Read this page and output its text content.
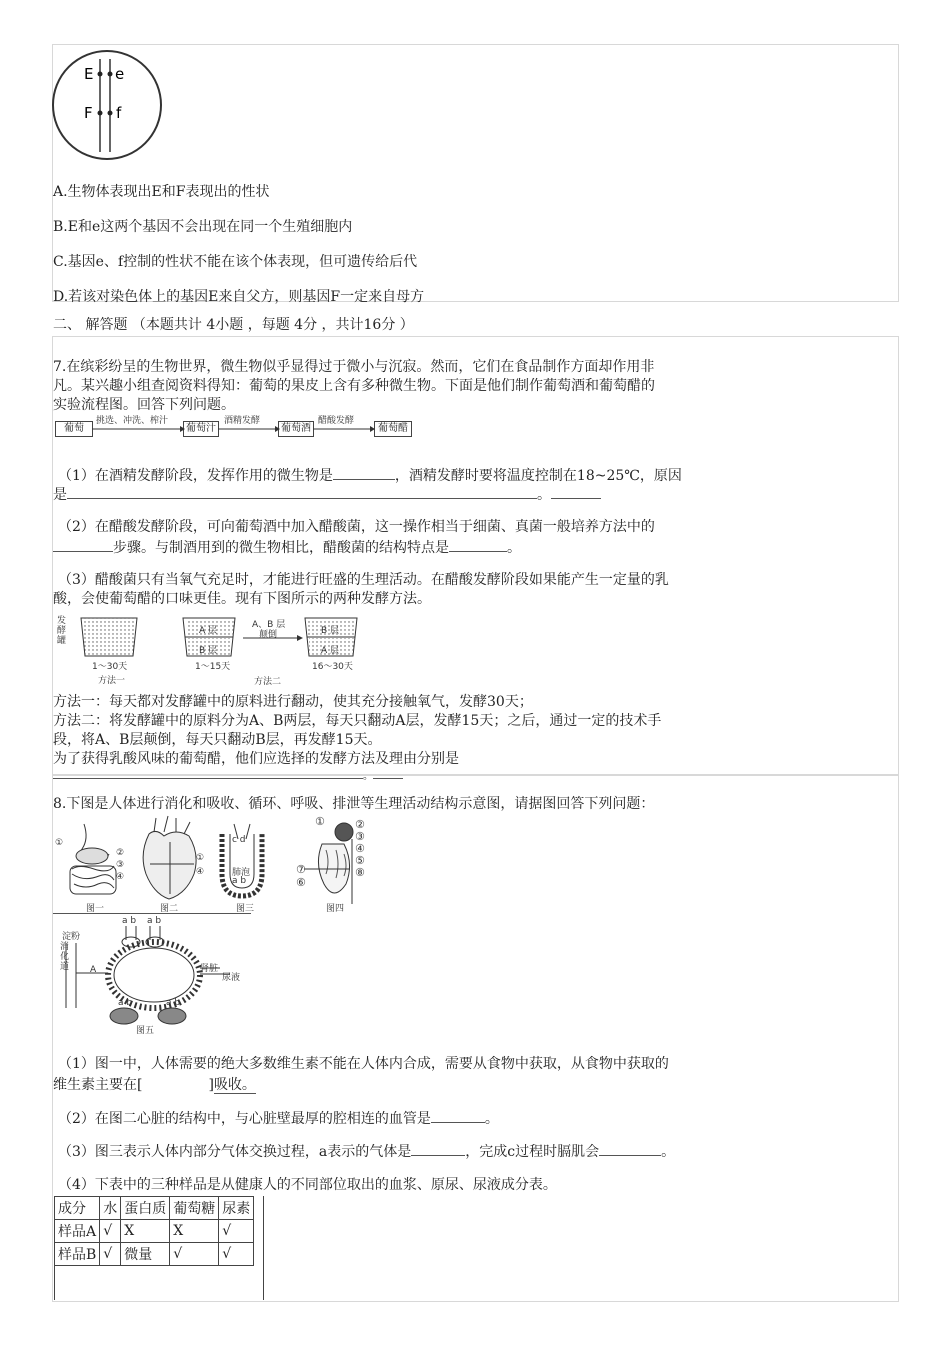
E e
F f
A.生物体表现出E和F表现出的性状
B.E和e这两个基因不会出现在同一个生殖细胞内
C.基因e、f控制的性状不能在该个体表现，但可遗传给后代
D.若该对染色体上的基因E来自父方，则基因F一定来自母方
二、 解答题 （本题共计 4小题 ，每题 4分 ，共计16分 ）
7.在缤彩纷呈的生物世界，微生物似乎显得过于微小与沉寂。然而，它们在食品制作方面却作用非
凡。某兴趣小组查阅资料得知：葡萄的果皮上含有多种微生物。下面是他们制作葡萄酒和葡萄醋的
实验流程图。回答下列问题。
葡萄
挑选、冲洗、榨汁
葡萄汁
酒精发酵
葡萄酒
醋酸发酵
葡萄醋
（1）在酒精发酵阶段，发挥作用的微生物是	，酒精发酵时要将温度控制在18~25℃，原因
是	。
（2）在醋酸发酵阶段，可向葡萄酒中加入醋酸菌，这一操作相当于细菌、真菌一般培养方法中的
步骤。与制酒用到的微生物相比，醋酸菌的结构特点是	。
（3）醋酸菌只有当氧气充足时，才能进行旺盛的生理活动。在醋酸发酵阶段如果能产生一定量的乳
酸，会使葡萄醋的口味更佳。现有下图所示的两种发酵方法。
发酵罐
1～30天
方法一
A 层
B 层
1～15天
A、B 层
颠倒	B 层
A 层
16～30天
方法二
方法一：每天都对发酵罐中的原料进行翻动，使其充分接触氧气，发酵30天；
方法二：将发酵罐中的原料分为A、B两层，每天只翻动A层，发酵15天；之后，通过一定的技术手
段，将A、B层颠倒，每天只翻动B层，再发酵15天。
为了获得乳酸风味的葡萄醋，他们应选择的发酵方法及理由分别是
。
8.下图是人体进行消化和吸收、循环、呼吸、排泄等生理活动结构示意图，请据图回答下列问题：
图一	图二	图三	图四
①
②
③
④
①
④
c d
肺泡
a b
①	②
③
④
⑤
⑦
⑥
⑧
淀粉
消化道 A
a b a b
肾脏
尿液
a b	a b
图五
（1）图一中，人体需要的绝大多数维生素不能在人体内合成，需要从食物中获取，从食物中获取的
维生素主要在[	]吸收。
（2）在图二心脏的结构中，与心脏壁最厚的腔相连的血管是	。
（3）图三表示人体内部分气体交换过程，a表示的气体是	，完成c过程时膈肌会	。
（4）下表中的三种样品是从健康人的不同部位取出的血浆、原尿、尿液成分表。
成分	水	蛋白质	葡萄糖	尿素
样品A	√	X	X	√
样品B	√	微量	√	√
